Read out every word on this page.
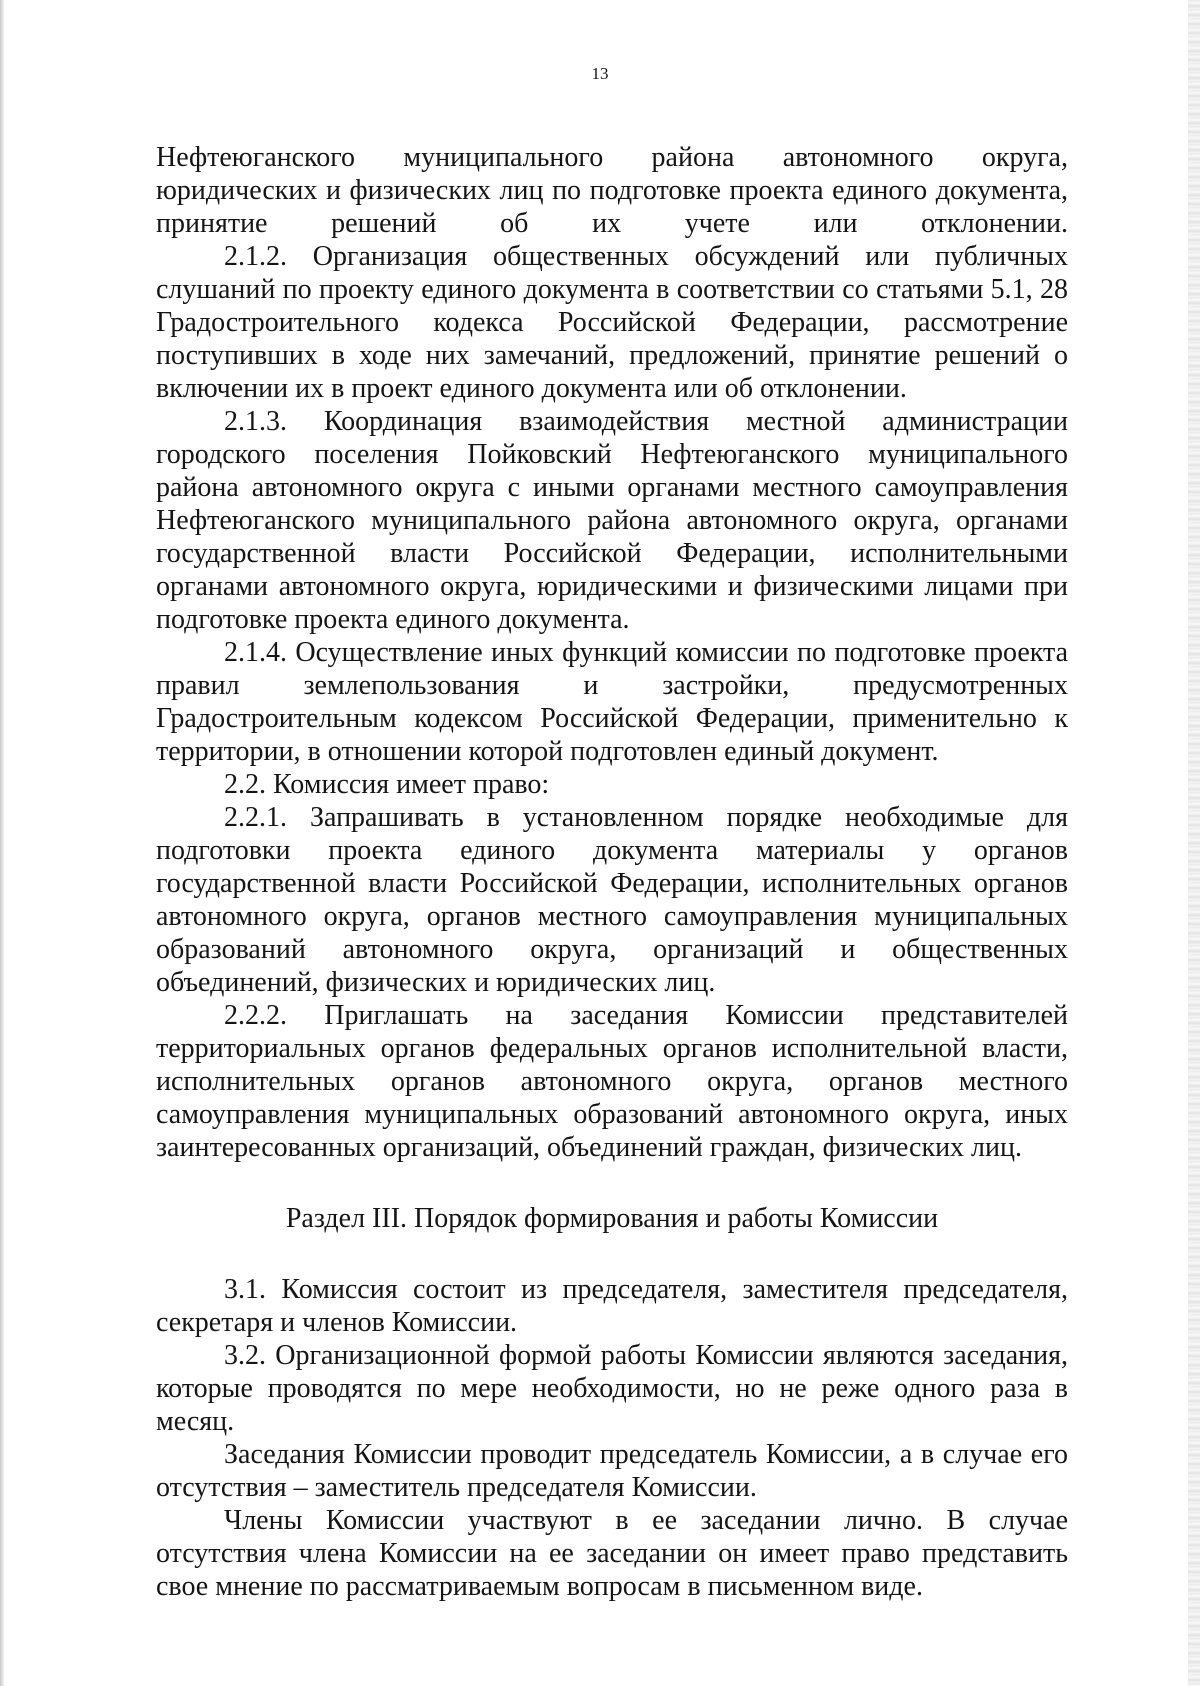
13

Нефтеюганского муниципального района автономного округа, юридических и физических лиц по подготовке проекта единого документа, принятие решений об их учете или отклонении.

2.1.2. Организация общественных обсуждений или публичных слушаний по проекту единого документа в соответствии со статьями 5.1, 28 Градостроительного кодекса Российской Федерации, рассмотрение поступивших в ходе них замечаний, предложений, принятие решений о включении их в проект единого документа или об отклонении.

2.1.3. Координация взаимодействия местной администрации городского поселения Пойковский Нефтеюганского муниципального района автономного округа с иными органами местного самоуправления Нефтеюганского муниципального района автономного округа, органами государственной власти Российской Федерации, исполнительными органами автономного округа, юридическими и физическими лицами при подготовке проекта единого документа.

2.1.4. Осуществление иных функций комиссии по подготовке проекта правил землепользования и застройки, предусмотренных Градостроительным кодексом Российской Федерации, применительно к территории, в отношении которой подготовлен единый документ.

2.2. Комиссия имеет право:

2.2.1. Запрашивать в установленном порядке необходимые для подготовки проекта единого документа материалы у органов государственной власти Российской Федерации, исполнительных органов автономного округа, органов местного самоуправления муниципальных образований автономного округа, организаций и общественных объединений, физических и юридических лиц.

2.2.2. Приглашать на заседания Комиссии представителей территориальных органов федеральных органов исполнительной власти, исполнительных органов автономного округа, органов местного самоуправления муниципальных образований автономного округа, иных заинтересованных организаций, объединений граждан, физических лиц.

Раздел III. Порядок формирования и работы Комиссии

3.1. Комиссия состоит из председателя, заместителя председателя, секретаря и членов Комиссии.

3.2. Организационной формой работы Комиссии являются заседания, которые проводятся по мере необходимости, но не реже одного раза в месяц.

Заседания Комиссии проводит председатель Комиссии, а в случае его отсутствия – заместитель председателя Комиссии.

Члены Комиссии участвуют в ее заседании лично. В случае отсутствия члена Комиссии на ее заседании он имеет право представить свое мнение по рассматриваемым вопросам в письменном виде.
